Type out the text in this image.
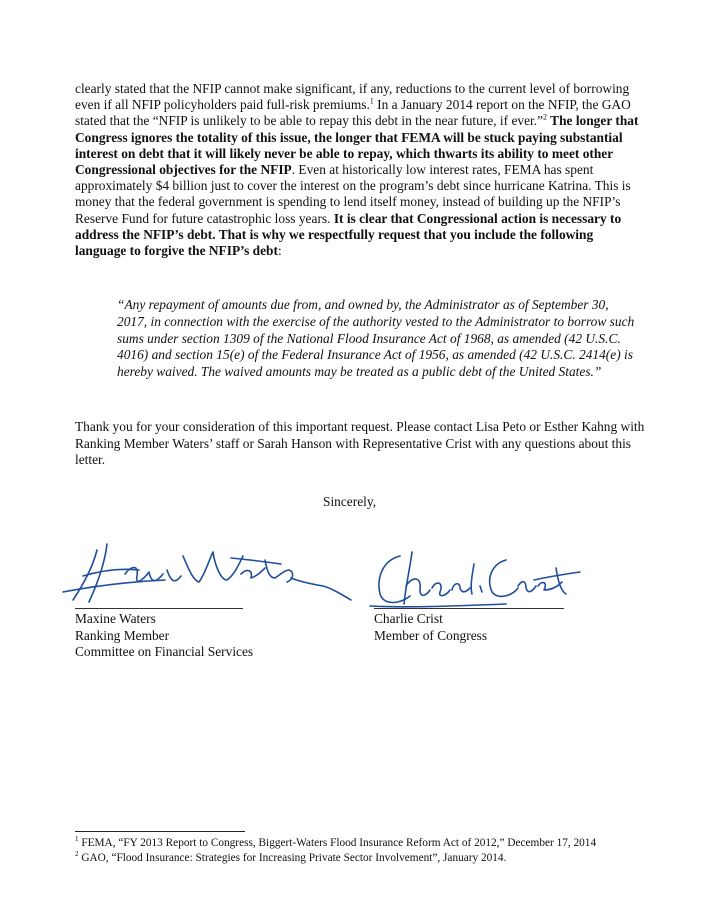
clearly stated that the NFIP cannot make significant, if any, reductions to the current level of borrowing even if all NFIP policyholders paid full-risk premiums.$^1$ In a January 2014 report on the NFIP, the GAO stated that the “NFIP is unlikely to be able to repay this debt in the near future, if ever.”$^2$ The longer that Congress ignores the totality of this issue, the longer that FEMA will be stuck paying substantial interest on debt that it will likely never be able to repay, which thwarts its ability to meet other Congressional objectives for the NFIP. Even at historically low interest rates, FEMA has spent approximately $4 billion just to cover the interest on the program’s debt since hurricane Katrina. This is money that the federal government is spending to lend itself money, instead of building up the NFIP’s Reserve Fund for future catastrophic loss years. It is clear that Congressional action is necessary to address the NFIP’s debt. That is why we respectfully request that you include the following language to forgive the NFIP’s debt:

“Any repayment of amounts due from, and owned by, the Administrator as of September 30, 2017, in connection with the exercise of the authority vested to the Administrator to borrow such sums under section 1309 of the National Flood Insurance Act of 1968, as amended (42 U.S.C. 4016) and section 15(e) of the Federal Insurance Act of 1956, as amended (42 U.S.C. 2414(e) is hereby waived. The waived amounts may be treated as a public debt of the United States.”

Thank you for your consideration of this important request. Please contact Lisa Peto or Esther Kahng with Ranking Member Waters’ staff or Sarah Hanson with Representative Crist with any questions about this letter.

Sincerely,
Maxine Waters
Charlie Crist
Maxine Waters
Ranking Member
Committee on Financial Services
Charlie Crist
Member of Congress
$^1$ FEMA, “FY 2013 Report to Congress, Biggert-Waters Flood Insurance Reform Act of 2012,” December 17, 2014
$^2$ GAO, “Flood Insurance: Strategies for Increasing Private Sector Involvement”, January 2014.
